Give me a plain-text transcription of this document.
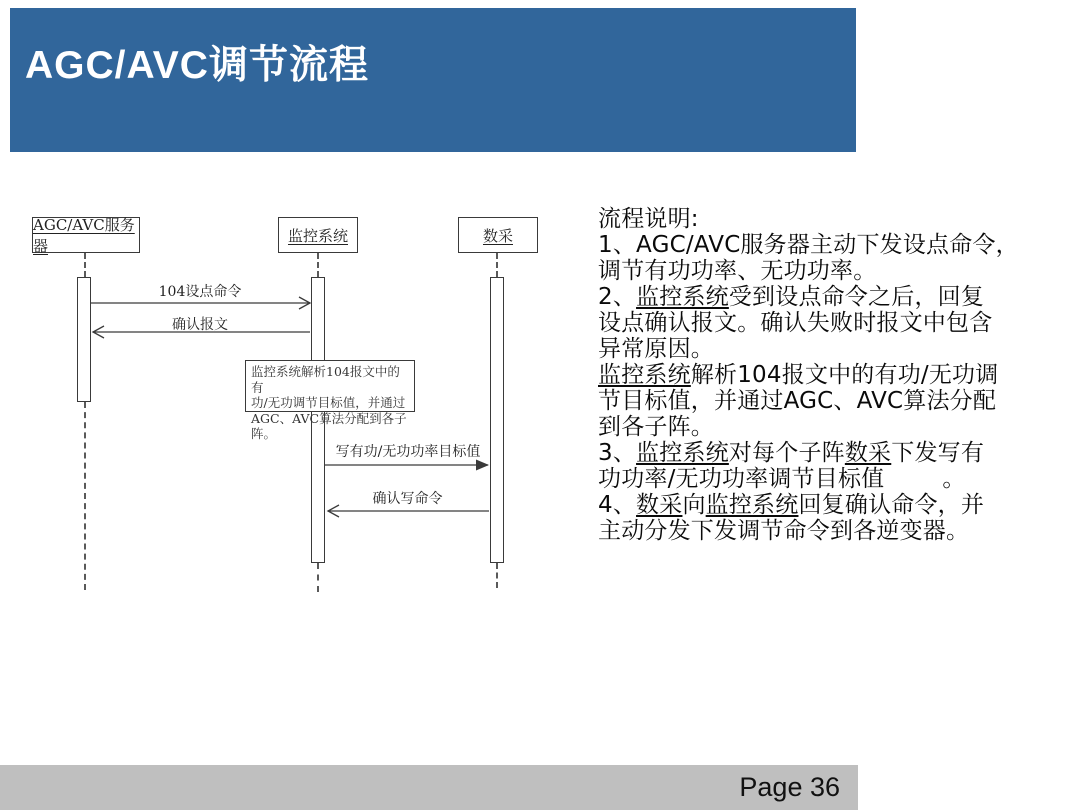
AGC/AVC调节流程
AGC/AVC服务器
监控系统	数采
104设点命令
确认报文
写有功/无功功率目标值
确认写命令
监控系统解析104报文中的有
功/无功调节目标值，并通过
AGC、AVC算法分配到各子阵。
流程说明:
1、AGC/AVC服务器主动下发设点命令，
调节有功功率、无功功率。
2、监控系统受到设点命令之后，回复
设点确认报文。确认失败时报文中包含
异常原因。
监控系统解析104报文中的有功/无功调
节目标值，并通过AGC、AVC算法分配
到各子阵。
3、监控系统对每个子阵数采下发写有
功功率/无功功率调节目标值	。
4、数采向监控系统回复确认命令，并
主动分发下发调节命令到各逆变器。
Page 36
